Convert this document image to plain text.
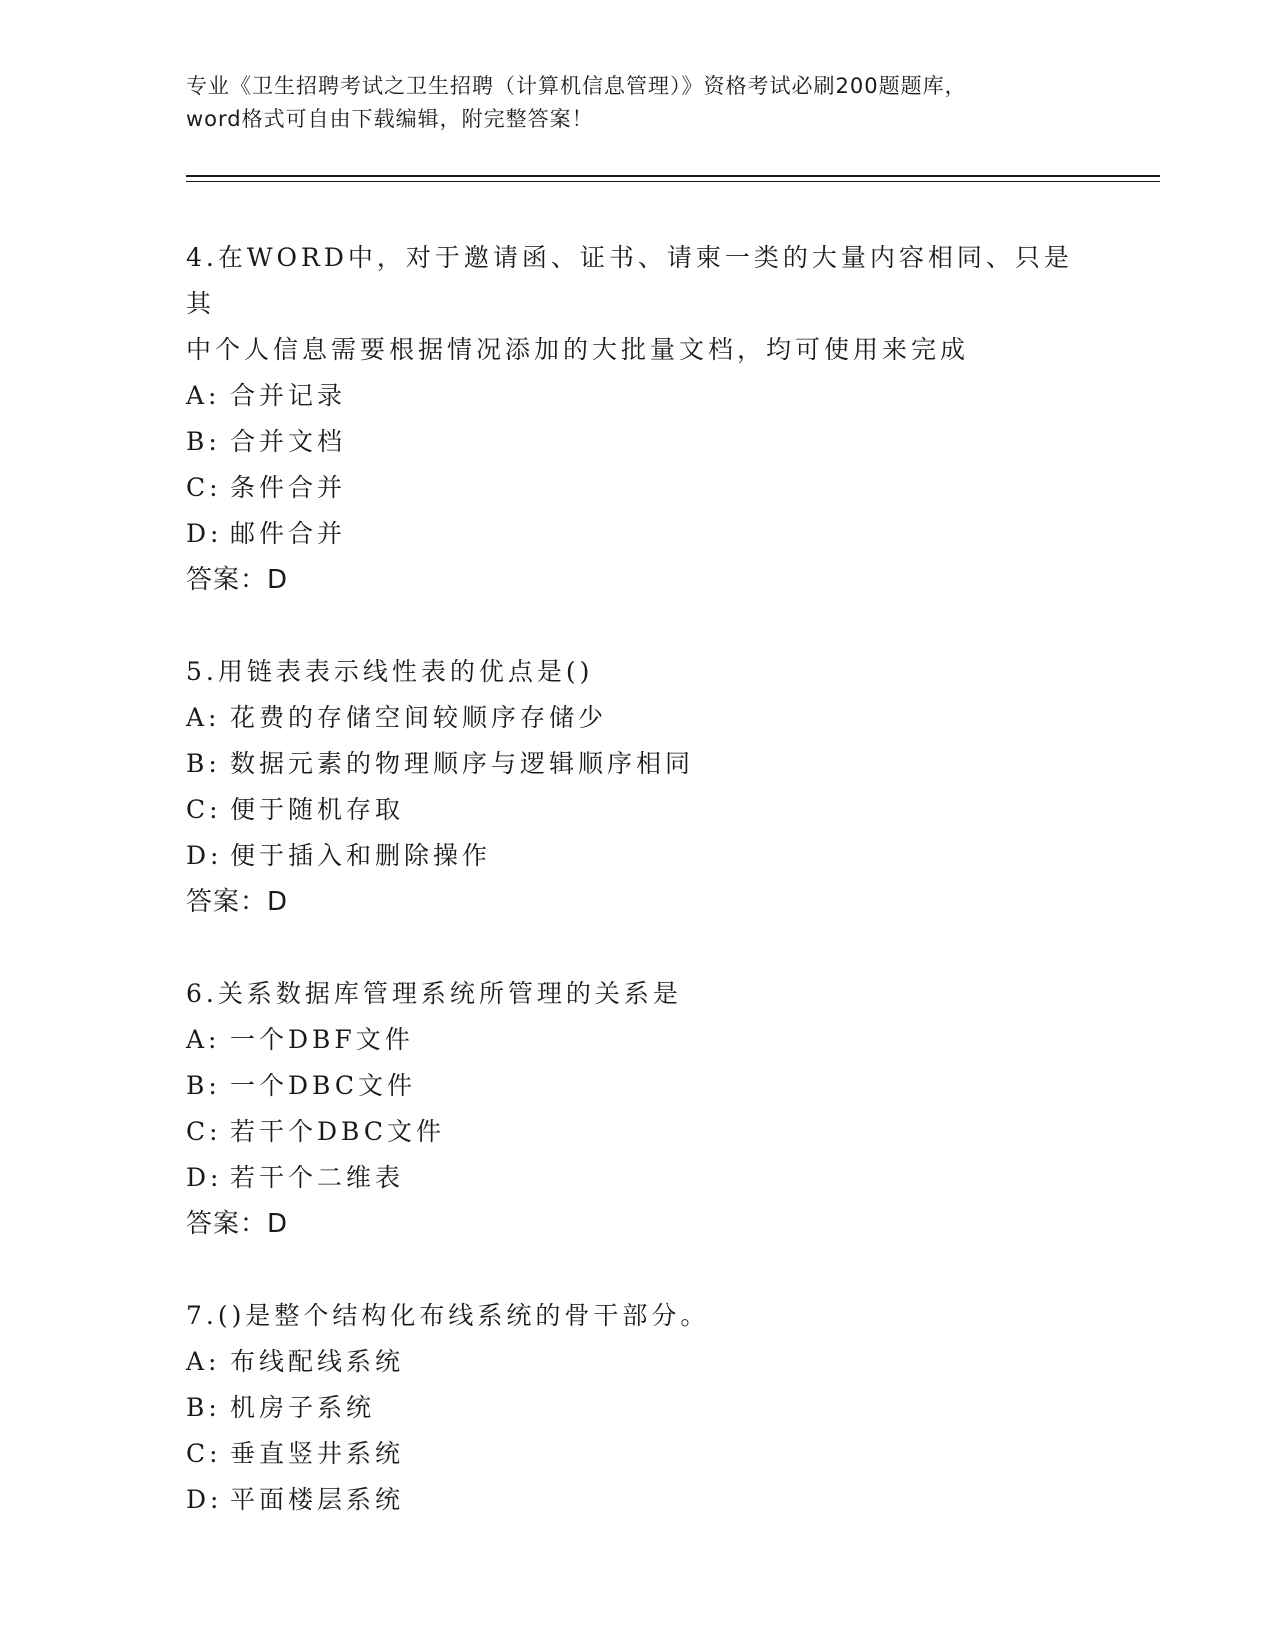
专业《卫生招聘考试之卫生招聘（计算机信息管理）》资格考试必刷200题题库，
word格式可自由下载编辑，附完整答案！
4.在WORD中，对于邀请函、证书、请柬一类的大量内容相同、只是其
中个人信息需要根据情况添加的大批量文档，均可使用来完成
A: 合并记录
B: 合并文档
C: 条件合并
D: 邮件合并
答案：D
5.用链表表示线性表的优点是()
A: 花费的存储空间较顺序存储少
B: 数据元素的物理顺序与逻辑顺序相同
C: 便于随机存取
D: 便于插入和删除操作
答案：D
6.关系数据库管理系统所管理的关系是
A: 一个DBF文件
B: 一个DBC文件
C: 若干个DBC文件
D: 若干个二维表
答案：D
7.()是整个结构化布线系统的骨干部分。
A: 布线配线系统
B: 机房子系统
C: 垂直竖井系统
D: 平面楼层系统
